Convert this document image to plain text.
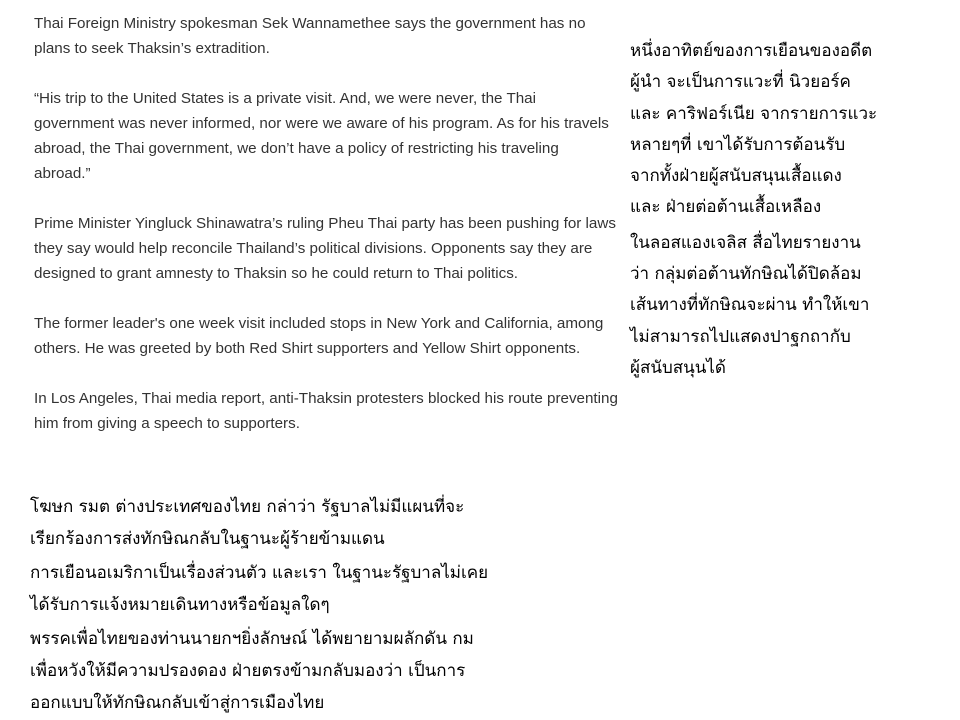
Thai Foreign Ministry spokesman Sek Wannamethee says the government has no plans to seek Thaksin’s extradition.

“His trip to the United States is a private visit. And, we were never, the Thai government was never informed, nor were we aware of his program. As for his travels abroad, the Thai government, we don’t have a policy of restricting his traveling abroad.”

Prime Minister Yingluck Shinawatra’s ruling Pheu Thai party has been pushing for laws they say would help reconcile Thailand’s political divisions. Opponents say they are designed to grant amnesty to Thaksin so he could return to Thai politics.

The former leader's one week visit included stops in New York and California, among others. He was greeted by both Red Shirt supporters and Yellow Shirt opponents.

In Los Angeles, Thai media report, anti-Thaksin protesters blocked his route preventing him from giving a speech to supporters.

โฆษก รมต ต่างประเทศของไทย กล่าว่า รัฐบาลไม่มีแผนที่จะ

เรียกร้องการส่งทักษิณกลับในฐานะผู้ร้ายข้ามแดน

การเยือนอเมริกาเป็นเรื่องส่วนตัว และเรา ในฐานะรัฐบาลไม่เคย

ได้รับการแจ้งหมายเดินทางหรือข้อมูลใดๆ

พรรคเพื่อไทยของท่านนายกฯยิ่งลักษณ์ ได้พยายามผลักดัน กม

เพื่อหวังให้มีความปรองดอง ฝ่ายตรงข้ามกลับมองว่า เป็นการ

ออกแบบให้ทักษิณกลับเข้าสู่การเมืองไทย

หนึ่งอาทิตย์ของการเยือนของอดีต

ผู้นำ จะเป็นการแวะที่ นิวยอร์ค

และ คาริฟอร์เนีย จากรายการแวะ

หลายๆที่ เขาได้รับการต้อนรับ

จากทั้งฝ่ายผู้สนับสนุนเสื้อแดง

และ ฝ่ายต่อต้านเสื้อเหลือง

ในลอสแองเจลิส สื่อไทยรายงาน

ว่า กลุ่มต่อต้านทักษิณได้ปิดล้อม

เส้นทางที่ทักษิณจะผ่าน ทำให้เขา

ไม่สามารถไปแสดงปาฐกถากับ

ผู้สนับสนุนได้
